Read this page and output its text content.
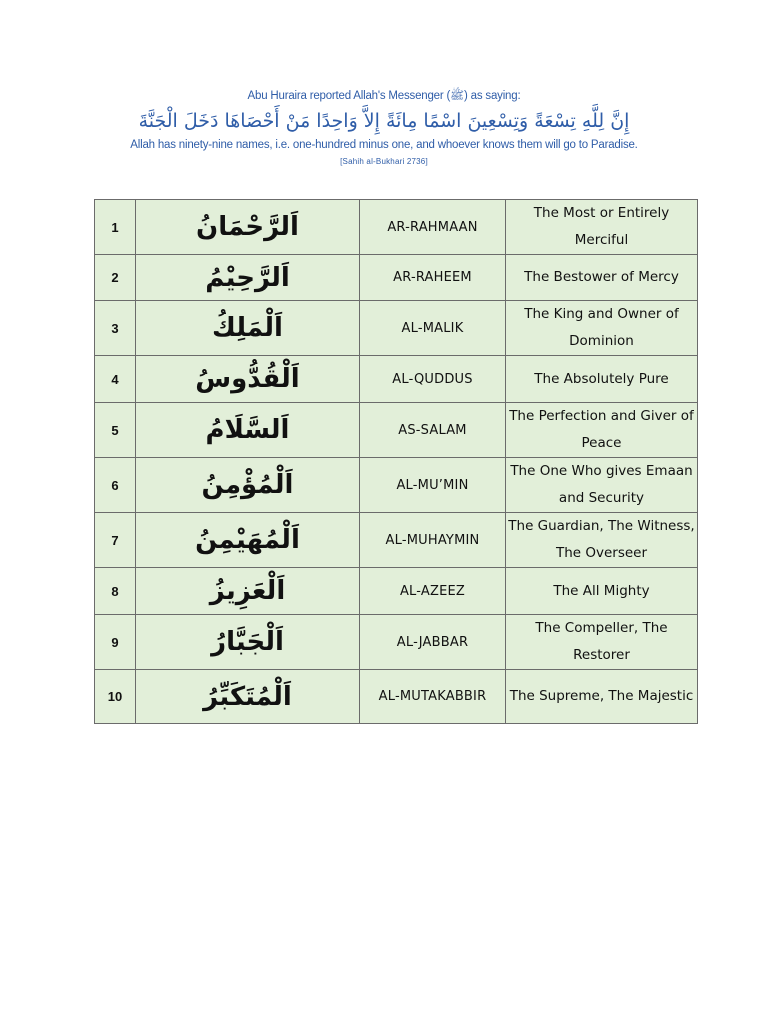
Abu Huraira reported Allah's Messenger (ﷺ) as saying:
إِنَّ لِلَّهِ تِسْعَةً وَتِسْعِينَ اسْمًا مِائَةً إِلاَّ وَاحِدًا مَنْ أَحْصَاهَا دَخَلَ الْجَنَّةَ
Allah has ninety-nine names, i.e. one-hundred minus one, and whoever knows them will go to Paradise.
[Sahih al-Bukhari 2736]
1	اَلرَّحْمَانُ	AR-RAHMAAN	The Most or Entirely Merciful
2	اَلرَّحِيْمُ	AR-RAHEEM	The Bestower of Mercy
3	اَلْمَلِكُ	AL-MALIK	The King and Owner of Dominion
4	اَلْقُدُّوسُ	AL-QUDDUS	The Absolutely Pure
5	اَلسَّلَامُ	AS-SALAM	The Perfection and Giver of Peace
6	اَلْمُؤْمِنُ	AL-MU’MIN	The One Who gives Emaan and Security
7	اَلْمُهَيْمِنُ	AL-MUHAYMIN	The Guardian, The Witness, The Overseer
8	اَلْعَزِيزُ	AL-AZEEZ	The All Mighty
9	اَلْجَبَّارُ	AL-JABBAR	The Compeller, The Restorer
10	اَلْمُتَكَبِّرُ	AL-MUTAKABBIR	The Supreme, The Majestic
